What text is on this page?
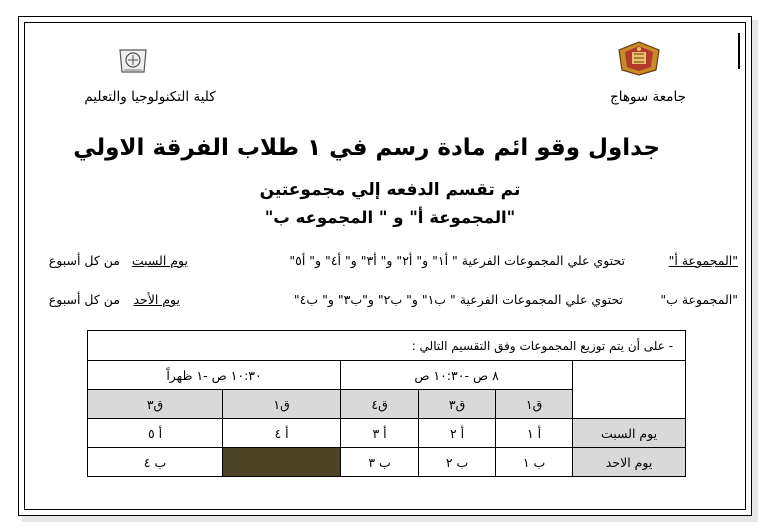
جامعة سوهاج
كلية التكنولوجيا والتعليم
جداول وقو ائم مادة رسم في ١ طلاب الفرقة الاولي
تم تقسم الدفعه إلي مجموعتين
"المجموعة أ" و " المجموعه ب"
"المجموعة أ"
تحتوي علي المجموعات الفرعية " أ١" و" أ٢" و" أ٣" و" أ٤" و" أ٥"
يوم السبت
من كل أسبوع
"المجموعة ب"
تحتوي علي المجموعات الفرعية " ب١" و" ب٢" و"ب٣" و" ب٤"
يوم الأحد
من كل أسبوع
- على أن يتم توزيع المجموعات وفق التقسيم التالي :					
	٨ ص -١٠:٣٠ ص			١٠:٣٠ ص -١ ظهراً	
	ق١	ق٣	ق٤	ق١	ق٣
يوم السبت	أ ١	أ ٢	أ ٣	أ ٤	أ ٥
يوم الاحد	ب ١	ب ٢	ب ٣		ب ٤
